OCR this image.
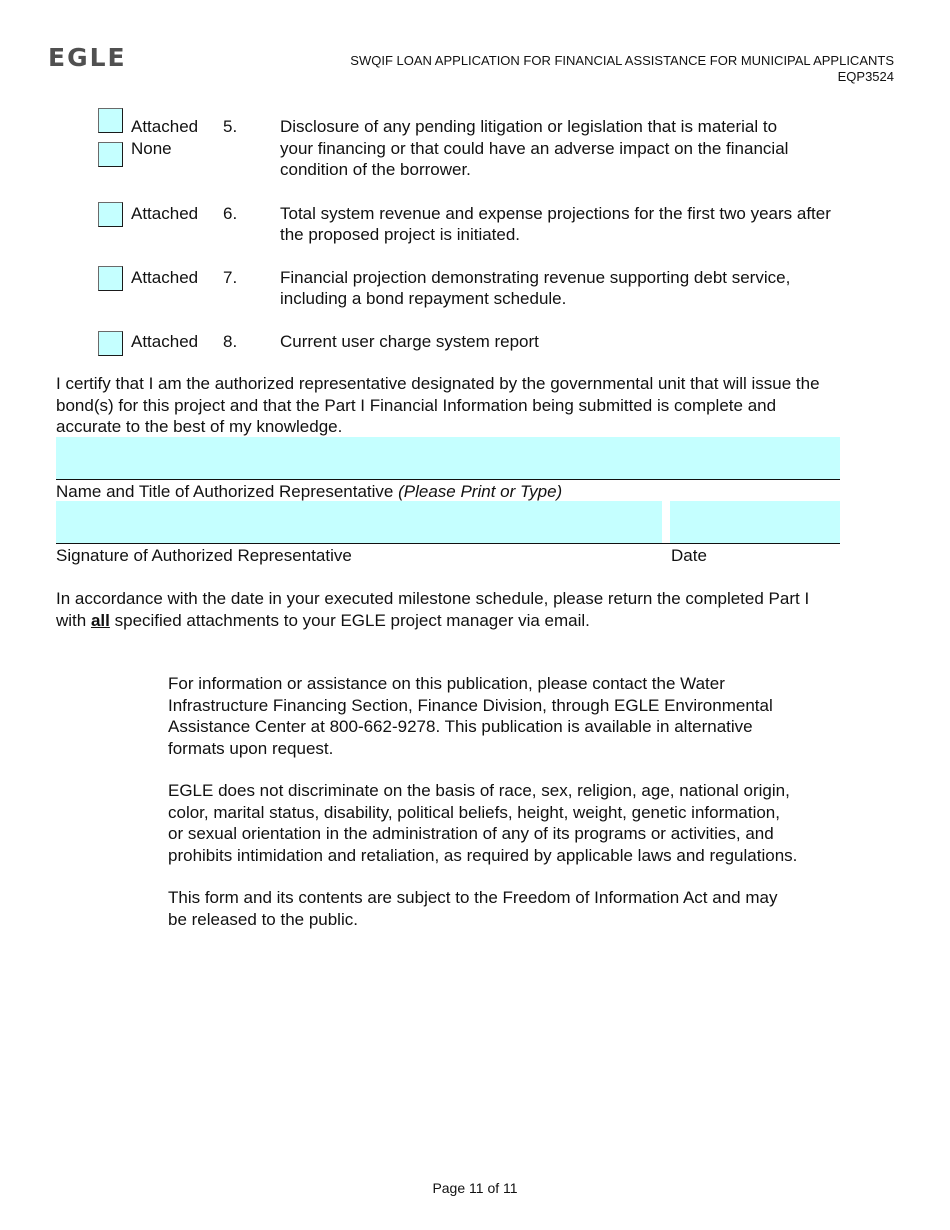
EGLE	SWQIF LOAN APPLICATION FOR FINANCIAL ASSISTANCE FOR MUNICIPAL APPLICANTS
EQP3524
Attached
None
5.	Disclosure of any pending litigation or legislation that is material to
your financing or that could have an adverse impact on the financial
condition of the borrower.
Attached 6.	Total system revenue and expense projections for the first two years after
the proposed project is initiated.
Attached 7.	Financial projection demonstrating revenue supporting debt service,
including a bond repayment schedule.
Attached 8.	Current user charge system report
I certify that I am the authorized representative designated by the governmental unit that will issue the
bond(s) for this project and that the Part I Financial Information being submitted is complete and
accurate to the best of my knowledge.
Name and Title of Authorized Representative (Please Print or Type)
Signature of Authorized Representative	Date
In accordance with the date in your executed milestone schedule, please return the completed Part I
with all specified attachments to your EGLE project manager via email.
For information or assistance on this publication, please contact the Water
Infrastructure Financing Section, Finance Division, through EGLE Environmental
Assistance Center at 800-662-9278. This publication is available in alternative
formats upon request.
EGLE does not discriminate on the basis of race, sex, religion, age, national origin,
color, marital status, disability, political beliefs, height, weight, genetic information,
or sexual orientation in the administration of any of its programs or activities, and
prohibits intimidation and retaliation, as required by applicable laws and regulations.
This form and its contents are subject to the Freedom of Information Act and may
be released to the public.
Page 11 of 11
